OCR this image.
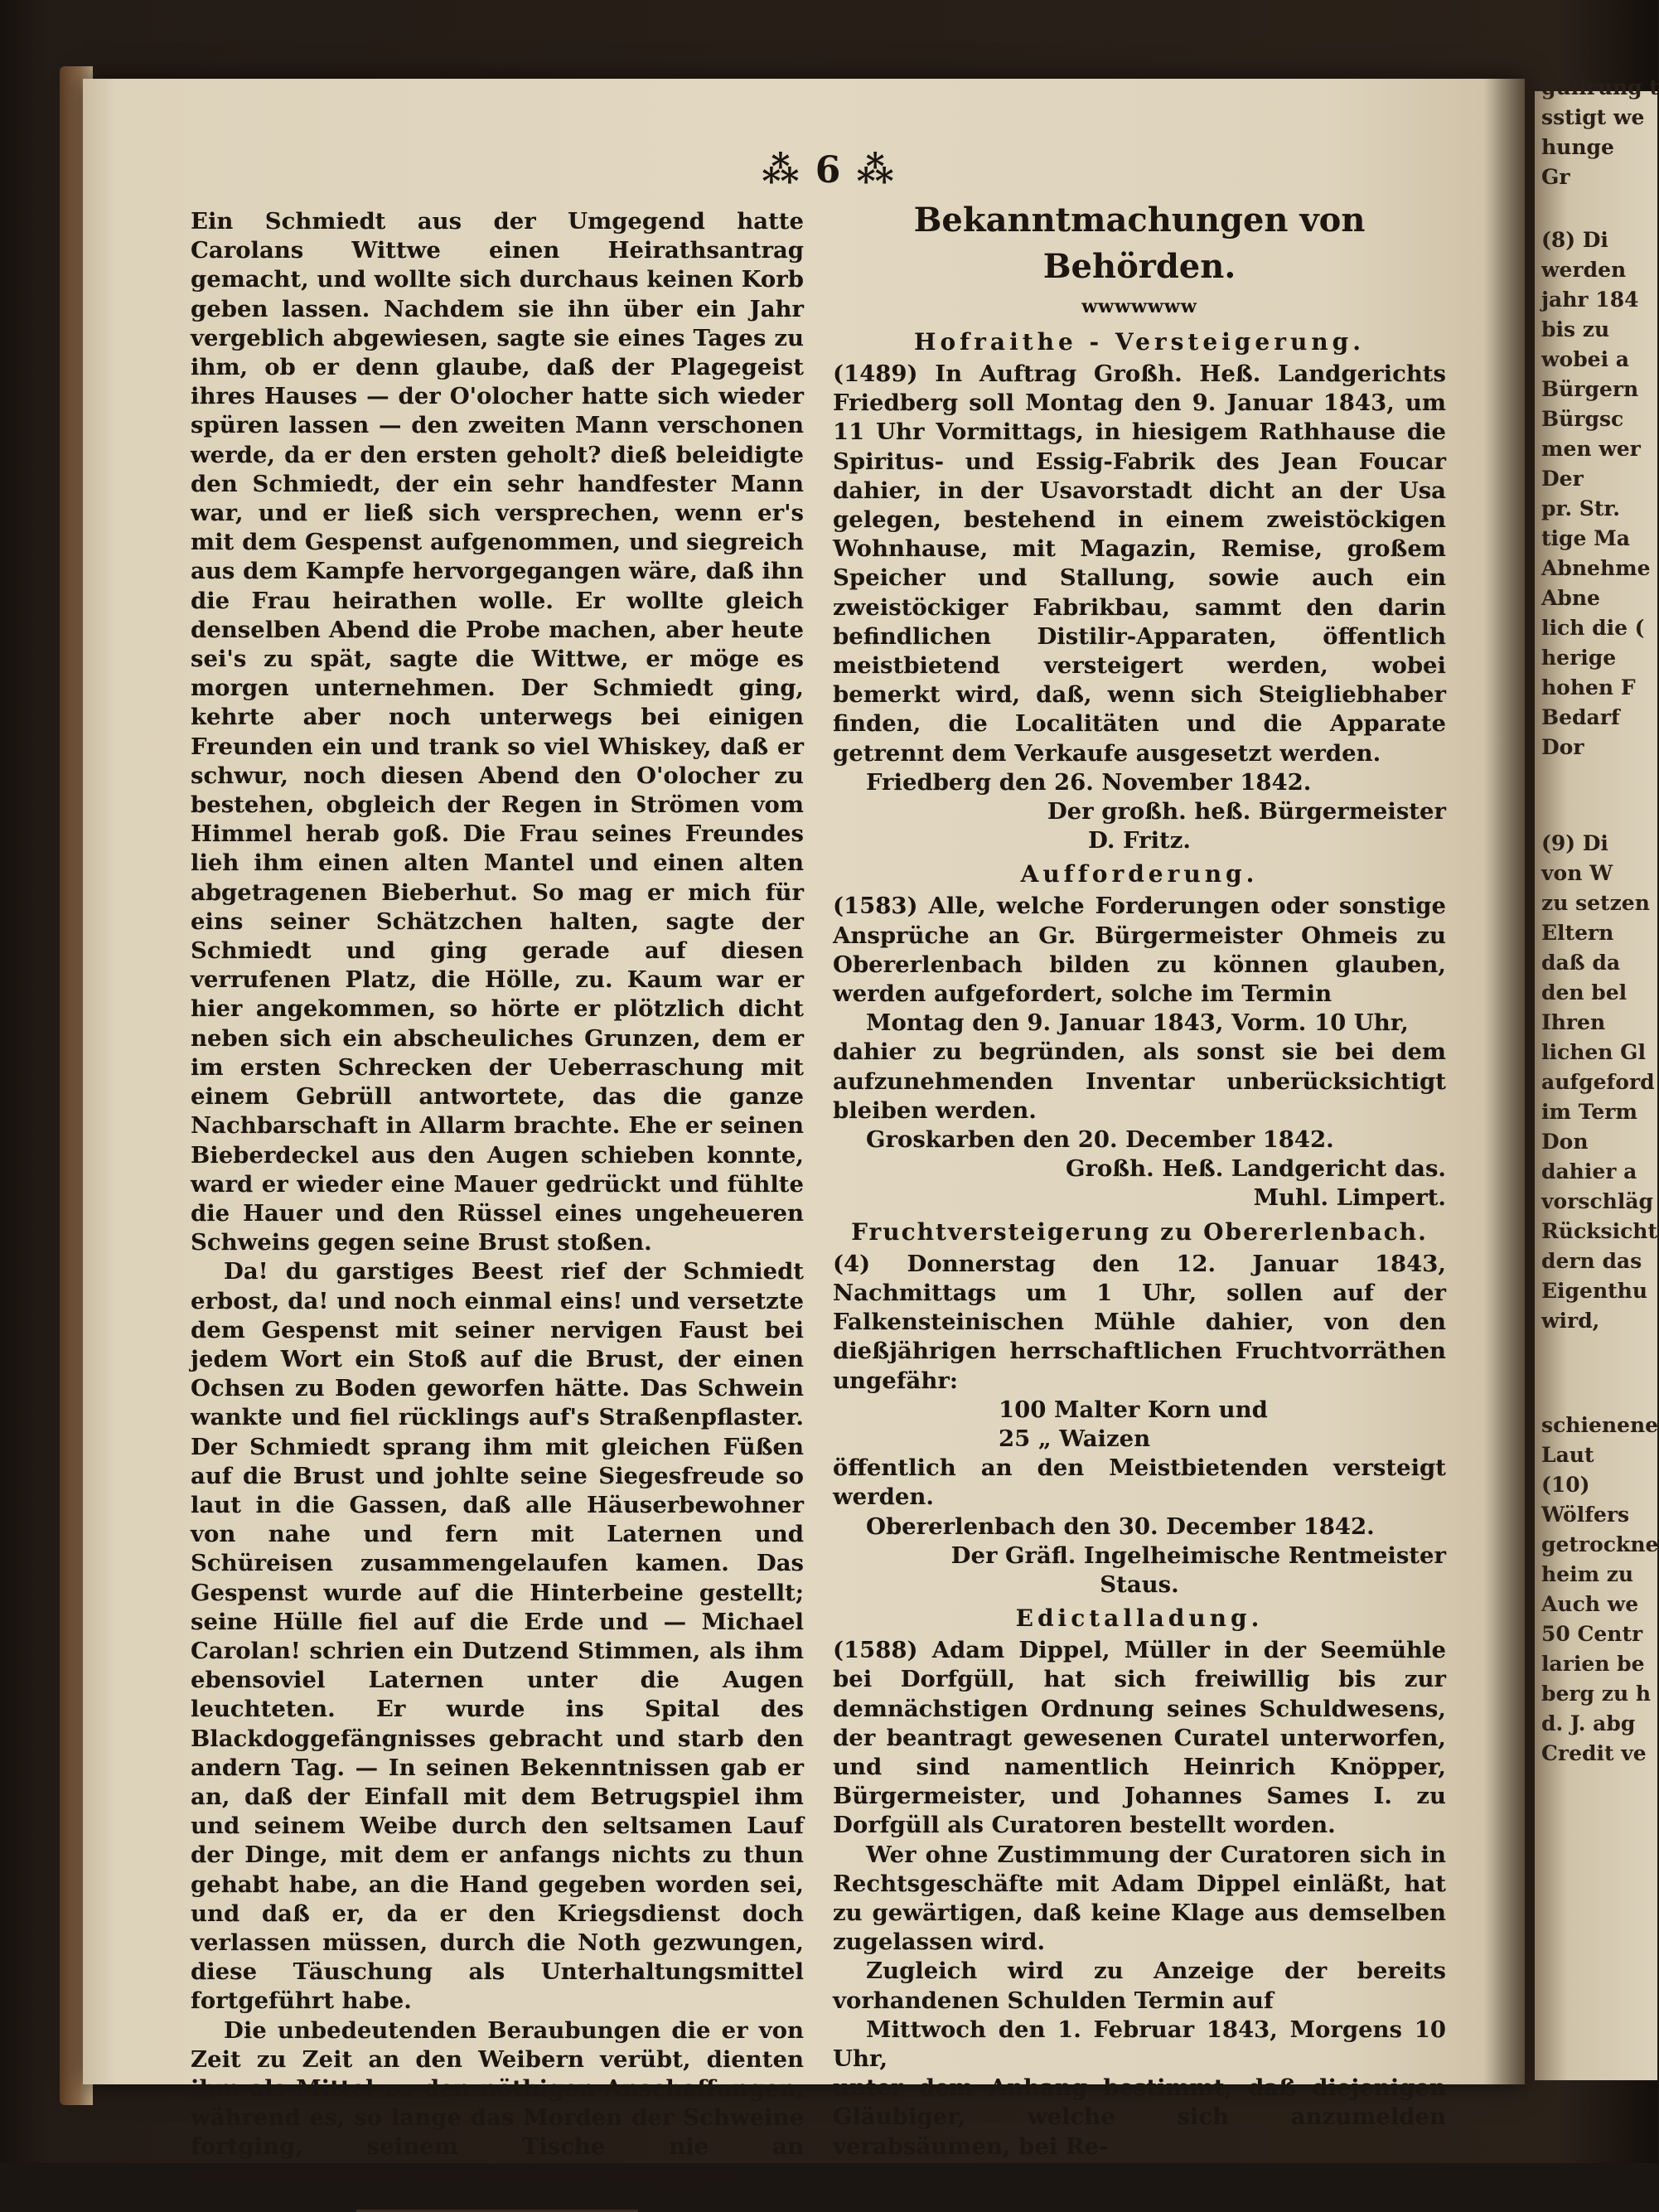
gulirung t
sstigt we
hunge
Gr
(8) Di
werden
jahr 184
bis zu
wobei a
Bürgern
Bürgsc
men wer
Der
pr. Str.
tige Ma
Abnehme
Abne
lich die (
herige
hohen F
Bedarf
Dor
(9) Di
von W
zu setzen
Eltern
daß da
den bel
Ihren
lichen Gl
aufgeford
im Term
Don
dahier a
vorschläg
Rücksicht
dern das
Eigenthu
wird,
schienene
Laut
(10)
Wölfers
getrockne
heim zu
Auch we
50 Centr
larien be
berg zu h
d. J. abg
Credit ve
⁂ 6 ⁂

Ein Schmiedt aus der Umgegend hatte Carolans Wittwe einen Heirathsantrag gemacht, und wollte sich durchaus keinen Korb geben lassen. Nachdem sie ihn über ein Jahr vergeblich abgewiesen, sagte sie eines Tages zu ihm, ob er denn glaube, daß der Plagegeist ihres Hauses — der O'olocher hatte sich wieder spüren lassen — den zweiten Mann verschonen werde, da er den ersten geholt? dieß beleidigte den Schmiedt, der ein sehr handfester Mann war, und er ließ sich versprechen, wenn er's mit dem Gespenst aufgenommen, und siegreich aus dem Kampfe hervorgegangen wäre, daß ihn die Frau heirathen wolle. Er wollte gleich denselben Abend die Probe machen, aber heute sei's zu spät, sagte die Wittwe, er möge es morgen unternehmen. Der Schmiedt ging, kehrte aber noch unterwegs bei einigen Freunden ein und trank so viel Whiskey, daß er schwur, noch diesen Abend den O'olocher zu bestehen, obgleich der Regen in Strömen vom Himmel herab goß. Die Frau seines Freundes lieh ihm einen alten Mantel und einen alten abgetragenen Bieberhut. So mag er mich für eins seiner Schätzchen halten, sagte der Schmiedt und ging gerade auf diesen verrufenen Platz, die Hölle, zu. Kaum war er hier angekommen, so hörte er plötzlich dicht neben sich ein abscheuliches Grunzen, dem er im ersten Schrecken der Ueberraschung mit einem Gebrüll antwortete, das die ganze Nachbarschaft in Allarm brachte. Ehe er seinen Bieberdeckel aus den Augen schieben konnte, ward er wieder eine Mauer gedrückt und fühlte die Hauer und den Rüssel eines ungeheueren Schweins gegen seine Brust stoßen.

Da! du garstiges Beest rief der Schmiedt erbost, da! und noch einmal eins! und versetzte dem Gespenst mit seiner nervigen Faust bei jedem Wort ein Stoß auf die Brust, der einen Ochsen zu Boden geworfen hätte. Das Schwein wankte und fiel rücklings auf's Straßenpflaster. Der Schmiedt sprang ihm mit gleichen Füßen auf die Brust und johlte seine Siegesfreude so laut in die Gassen, daß alle Häuserbewohner von nahe und fern mit Laternen und Schüreisen zusammengelaufen kamen. Das Gespenst wurde auf die Hinterbeine gestellt; seine Hülle fiel auf die Erde und — Michael Carolan! schrien ein Dutzend Stimmen, als ihm ebensoviel Laternen unter die Augen leuchteten. Er wurde ins Spital des Blackdoggefängnisses gebracht und starb den andern Tag. — In seinen Bekenntnissen gab er an, daß der Einfall mit dem Betrugspiel ihm und seinem Weibe durch den seltsamen Lauf der Dinge, mit dem er anfangs nichts zu thun gehabt habe, an die Hand gegeben worden sei, und daß er, da er den Kriegsdienst doch verlassen müssen, durch die Noth gezwungen, diese Täuschung als Unterhaltungsmittel fortgeführt habe.

Die unbedeutenden Beraubungen die er von Zeit zu Zeit an den Weibern verübt, dienten ihm als Mittel zu den nöthigen Anschaffungen, während es, so lange das Morden der Schweine fortging, seinem Tische nie an Schweinesfleisch oder Schinken mangelte.

Bekanntmachungen von Behörden.
wwwwwww
Hofraithe - Versteigerung.

(1489) In Auftrag Großh. Heß. Landgerichts Friedberg soll Montag den 9. Januar 1843, um 11 Uhr Vormittags, in hiesigem Rathhause die Spiritus- und Essig-Fabrik des Jean Foucar dahier, in der Usavorstadt dicht an der Usa gelegen, bestehend in einem zweistöckigen Wohnhause, mit Magazin, Remise, großem Speicher und Stallung, sowie auch ein zweistöckiger Fabrikbau, sammt den darin befindlichen Distilir-Apparaten, öffentlich meistbietend versteigert werden, wobei bemerkt wird, daß, wenn sich Steigliebhaber finden, die Localitäten und die Apparate getrennt dem Verkaufe ausgesetzt werden.

Friedberg den 26. November 1842.

Der großh. heß. Bürgermeister

D. Fritz.

Aufforderung.

(1583) Alle, welche Forderungen oder sonstige Ansprüche an Gr. Bürgermeister Ohmeis zu Obererlenbach bilden zu können glauben, werden aufgefordert, solche im Termin

Montag den 9. Januar 1843, Vorm. 10 Uhr,

dahier zu begründen, als sonst sie bei dem aufzunehmenden Inventar unberücksichtigt bleiben werden.

Groskarben den 20. December 1842.

Großh. Heß. Landgericht das.

Muhl. Limpert.

Fruchtversteigerung zu Obererlenbach.

(4) Donnerstag den 12. Januar 1843, Nachmittags um 1 Uhr, sollen auf der Falkensteinischen Mühle dahier, von den dießjährigen herrschaftlichen Fruchtvorräthen ungefähr:

100 Malter Korn und

25 „ Waizen

öffentlich an den Meistbietenden versteigt werden.

Obererlenbach den 30. December 1842.

Der Gräfl. Ingelheimische Rentmeister

Staus.

Edictalladung.

(1588) Adam Dippel, Müller in der Seemühle bei Dorfgüll, hat sich freiwillig bis zur demnächstigen Ordnung seines Schuldwesens, der beantragt gewesenen Curatel unterworfen, und sind namentlich Heinrich Knöpper, Bürgermeister, und Johannes Sames I. zu Dorfgüll als Curatoren bestellt worden.

Wer ohne Zustimmung der Curatoren sich in Rechtsgeschäfte mit Adam Dippel einläßt, hat zu gewärtigen, daß keine Klage aus demselben zugelassen wird.

Zugleich wird zu Anzeige der bereits vorhandenen Schulden Termin auf

Mittwoch den 1. Februar 1843, Morgens 10 Uhr,

unter dem Anhang bestimmt, daß diejenigen Gläubiger, welche sich anzumelden verabsäumen, bei Re-
